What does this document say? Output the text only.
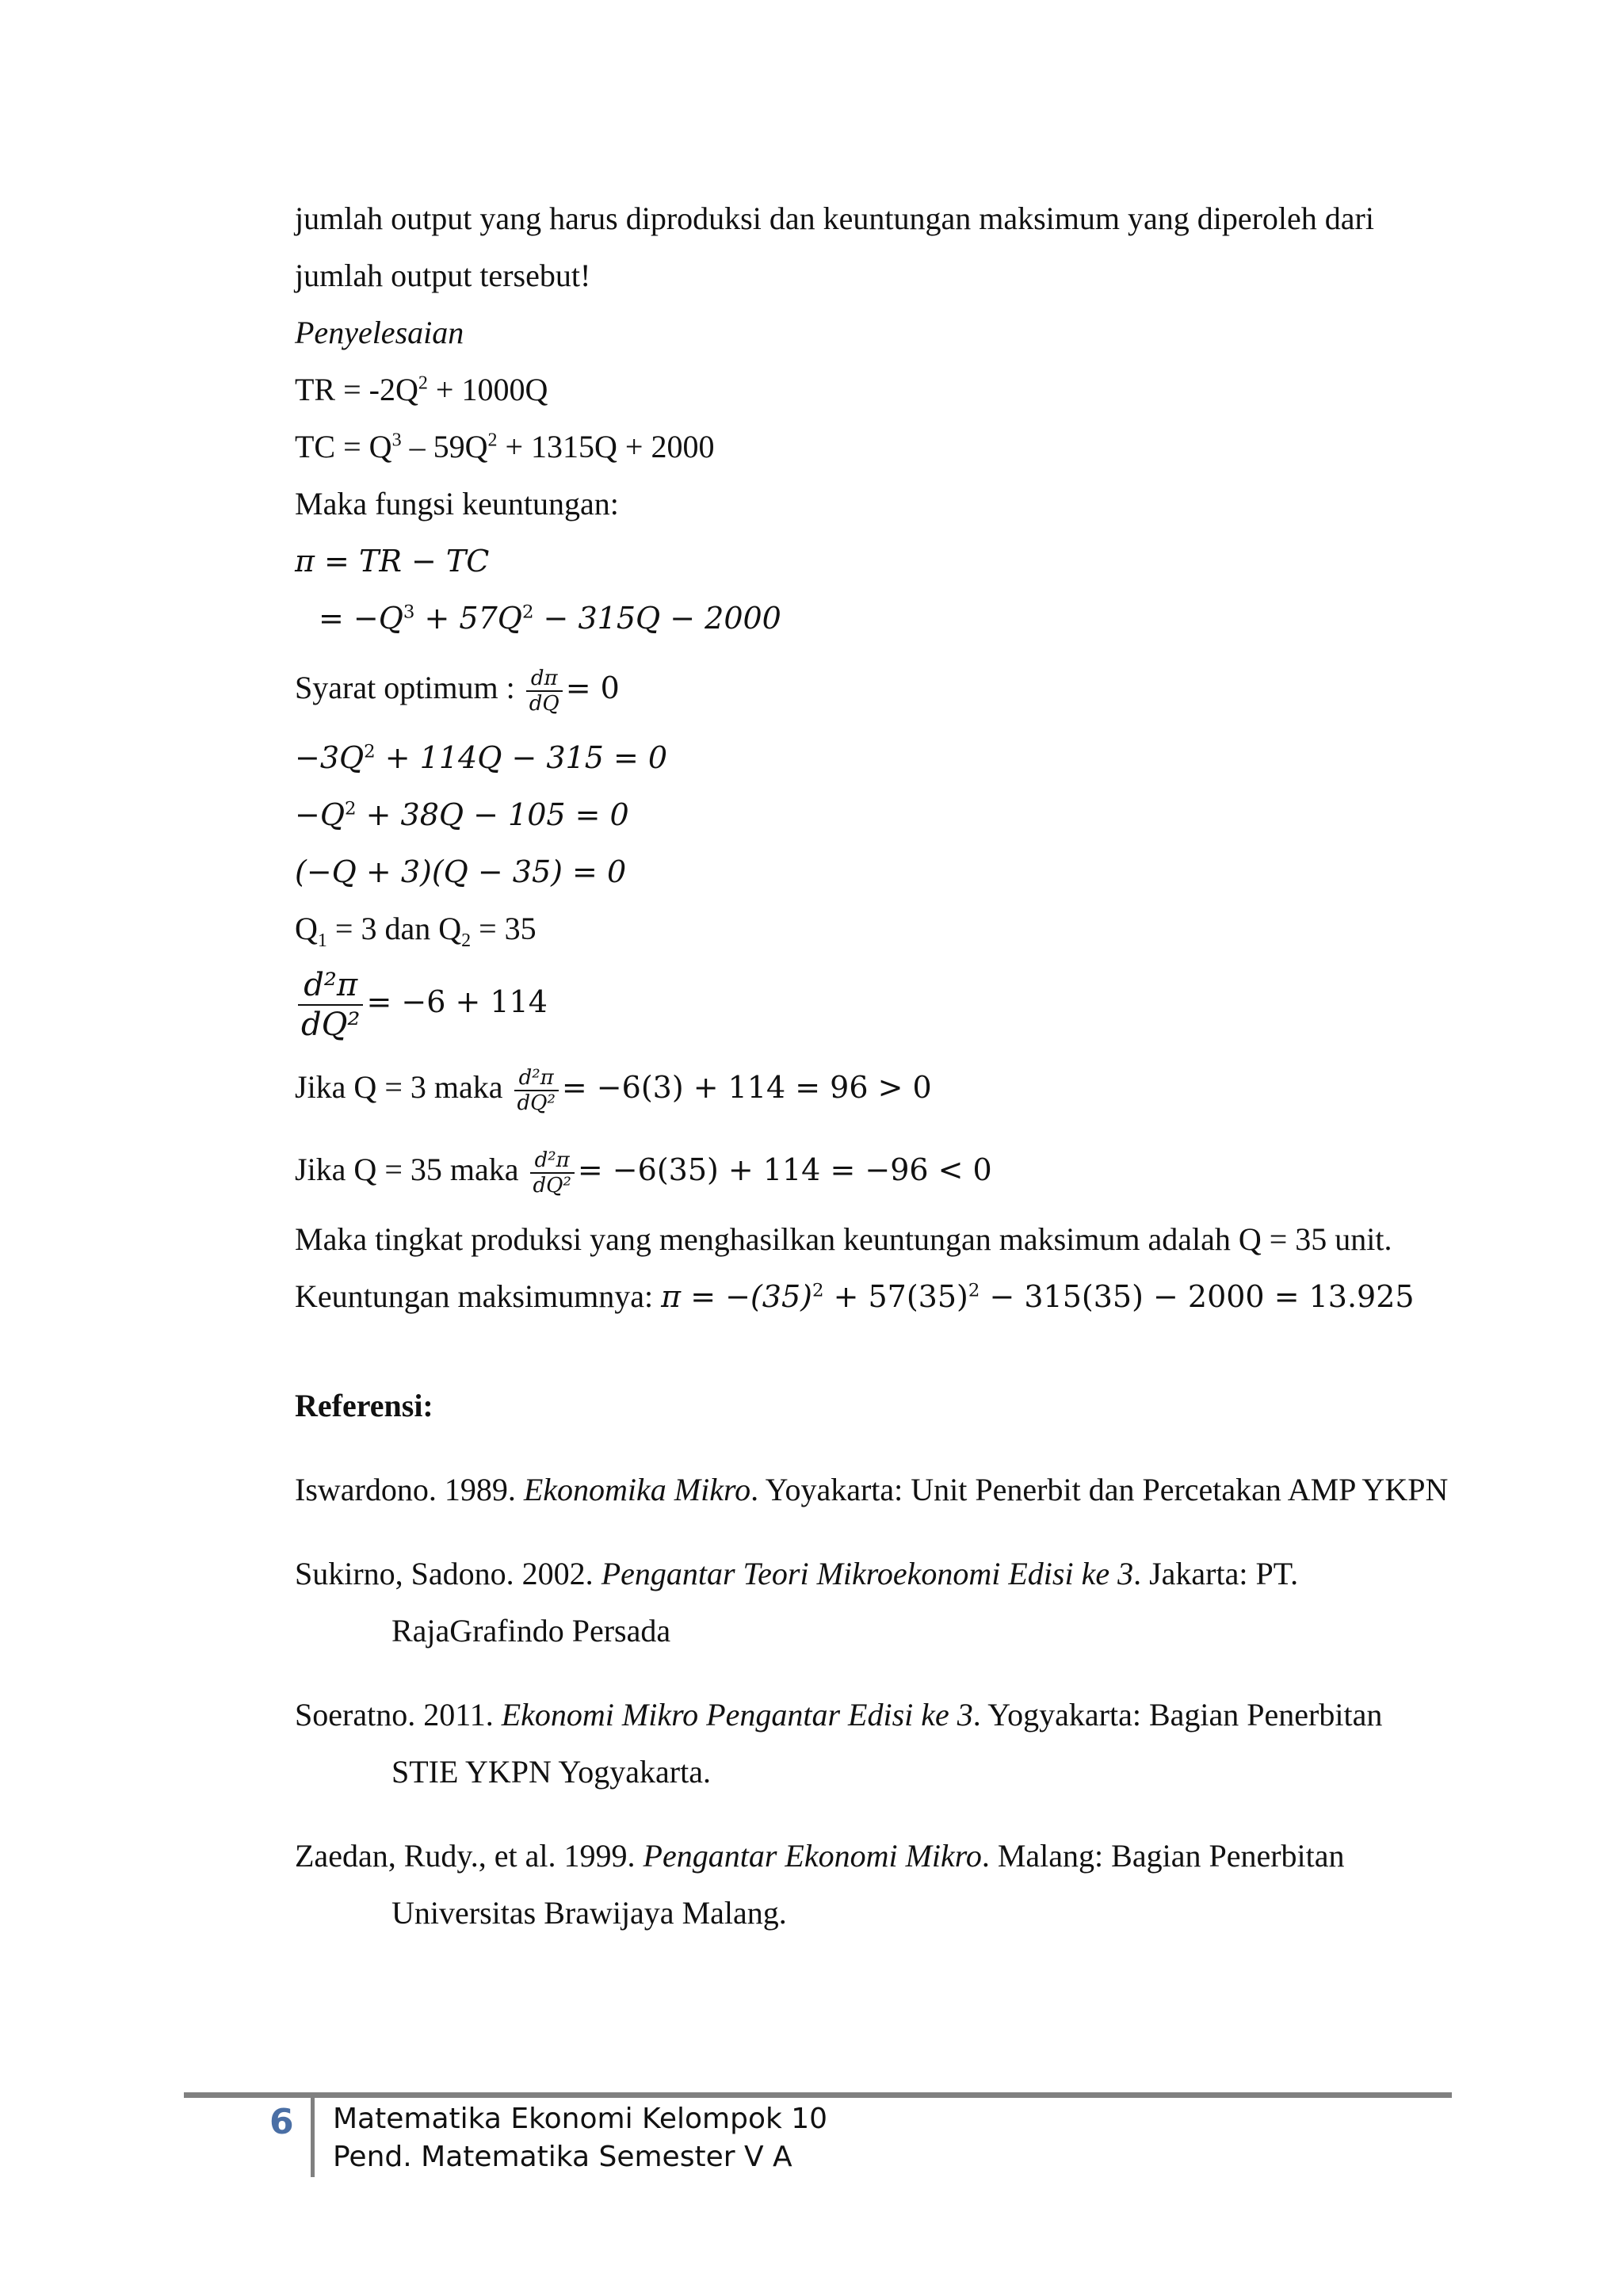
jumlah output yang harus diproduksi dan keuntungan maksimum yang diperoleh dari
jumlah output tersebut!
Penyelesaian
TR = $-2Q^2 + 1000Q$
TC = $Q^3 - 59Q^2 + 1315Q + 2000$
Maka fungsi keuntungan:
π = TR − TC
= $-Q^3 + 57Q^2 - 315Q - 2000$
Syarat optimum : $\frac{d\pi}{dQ} = 0$
$-3Q^2 + 114Q - 315 = 0$
$-Q^2 + 38Q - 105 = 0$
(−Q + 3)(Q − 35) = 0
$Q_1 = 3$ dan $Q_2 = 35$
$\frac{\text{d²π}}{\text{dQ²}} = -6 + 114$
Jika Q = 3 maka $\frac{\text{d²π}}{\text{dQ²}} = -6(3) + 114 = 96 > 0$
Jika Q = 35 maka $\frac{\text{d²π}}{\text{dQ²}} = -6(35) + 114 = -96 < 0$
Maka tingkat produksi yang menghasilkan keuntungan maksimum adalah Q = 35 unit.
Keuntungan maksimumnya: $\pi = -(35)^2 + 57(35)^2 - 315(35) - 2000 = 13.925$
Referensi:
Iswardono. 1989. Ekonomika Mikro. Yoyakarta: Unit Penerbit dan Percetakan AMP YKPN
Sukirno, Sadono. 2002. Pengantar Teori Mikroekonomi Edisi ke 3. Jakarta: PT. RajaGrafindo Persada
Soeratno. 2011. Ekonomi Mikro Pengantar Edisi ke 3. Yogyakarta: Bagian Penerbitan STIE YKPN Yogyakarta.
Zaedan, Rudy., et al. 1999. Pengantar Ekonomi Mikro. Malang: Bagian Penerbitan Universitas Brawijaya Malang.
6 Matematika Ekonomi Kelompok 10
Pend. Matematika Semester V A
